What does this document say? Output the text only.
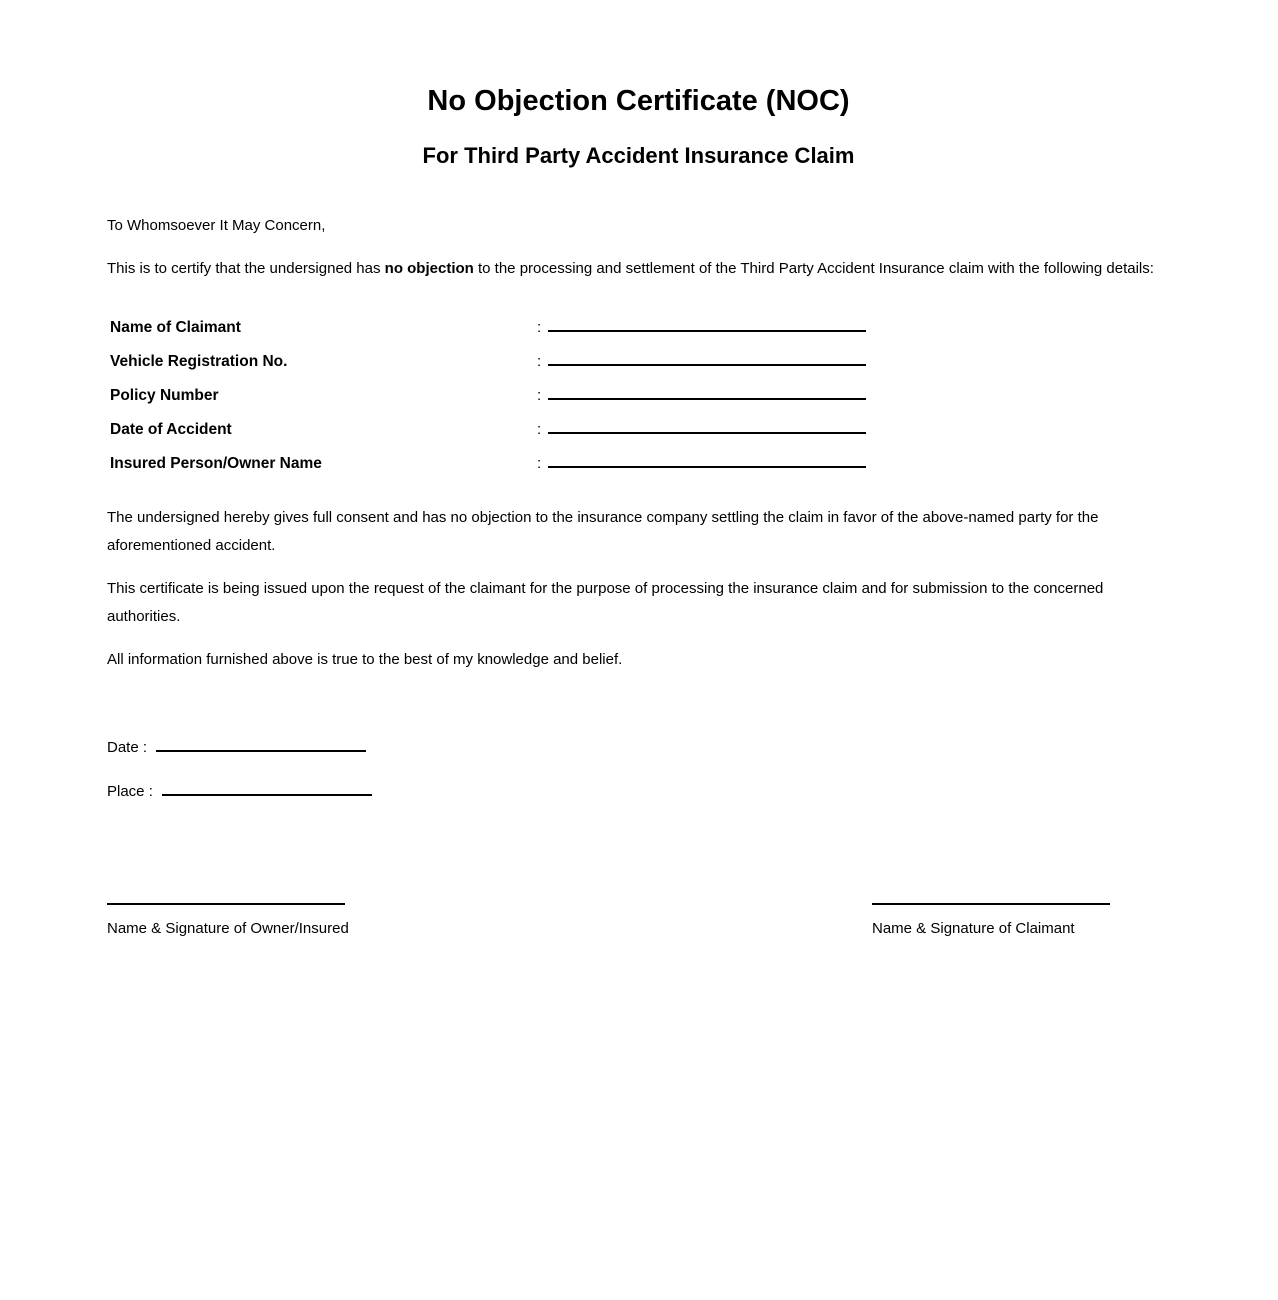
No Objection Certificate (NOC)
For Third Party Accident Insurance Claim
To Whomsoever It May Concern,

This is to certify that the undersigned has no objection to the processing and settlement of the Third Party Accident Insurance claim with the following details:

Name of Claimant	:
Vehicle Registration No.	:
Policy Number	:
Date of Accident	:
Insured Person/Owner Name	:

The undersigned hereby gives full consent and has no objection to the insurance company settling the claim in favor of the above-named party for the aforementioned accident.

This certificate is being issued upon the request of the claimant for the purpose of processing the insurance claim and for submission to the concerned authorities.

All information furnished above is true to the best of my knowledge and belief.

Date :
Place :
Name & Signature of Owner/Insured	Name & Signature of Claimant
